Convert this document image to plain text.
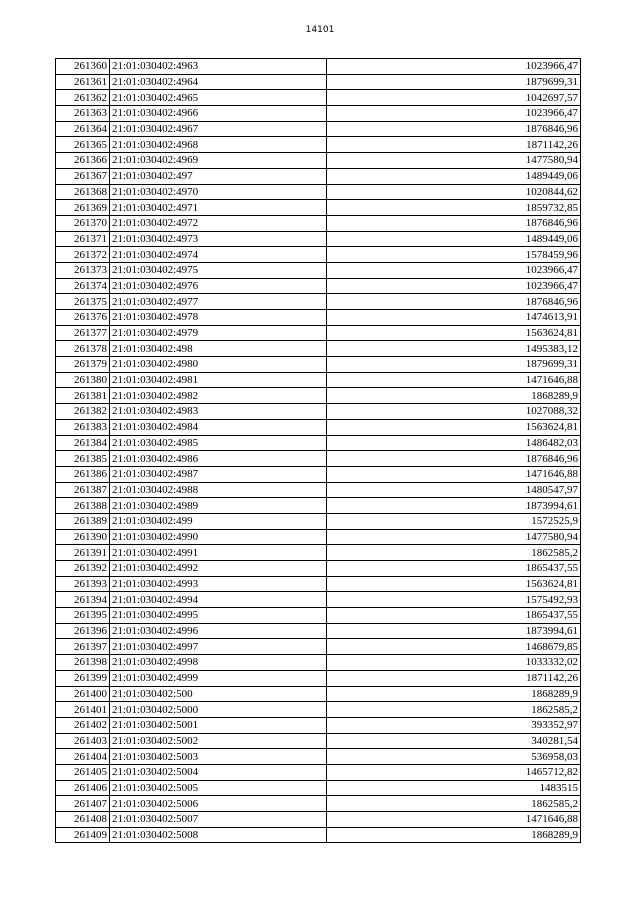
14101
261360	21:01:030402:4963	1023966,47
261361	21:01:030402:4964	1879699,31
261362	21:01:030402:4965	1042697,57
261363	21:01:030402:4966	1023966,47
261364	21:01:030402:4967	1876846,96
261365	21:01:030402:4968	1871142,26
261366	21:01:030402:4969	1477580,94
261367	21:01:030402:497	1489449,06
261368	21:01:030402:4970	1020844,62
261369	21:01:030402:4971	1859732,85
261370	21:01:030402:4972	1876846,96
261371	21:01:030402:4973	1489449,06
261372	21:01:030402:4974	1578459,96
261373	21:01:030402:4975	1023966,47
261374	21:01:030402:4976	1023966,47
261375	21:01:030402:4977	1876846,96
261376	21:01:030402:4978	1474613,91
261377	21:01:030402:4979	1563624,81
261378	21:01:030402:498	1495383,12
261379	21:01:030402:4980	1879699,31
261380	21:01:030402:4981	1471646,88
261381	21:01:030402:4982	1868289,9
261382	21:01:030402:4983	1027088,32
261383	21:01:030402:4984	1563624,81
261384	21:01:030402:4985	1486482,03
261385	21:01:030402:4986	1876846,96
261386	21:01:030402:4987	1471646,88
261387	21:01:030402:4988	1480547,97
261388	21:01:030402:4989	1873994,61
261389	21:01:030402:499	1572525,9
261390	21:01:030402:4990	1477580,94
261391	21:01:030402:4991	1862585,2
261392	21:01:030402:4992	1865437,55
261393	21:01:030402:4993	1563624,81
261394	21:01:030402:4994	1575492,93
261395	21:01:030402:4995	1865437,55
261396	21:01:030402:4996	1873994,61
261397	21:01:030402:4997	1468679,85
261398	21:01:030402:4998	1033332,02
261399	21:01:030402:4999	1871142,26
261400	21:01:030402:500	1868289,9
261401	21:01:030402:5000	1862585,2
261402	21:01:030402:5001	393352,97
261403	21:01:030402:5002	340281,54
261404	21:01:030402:5003	536958,03
261405	21:01:030402:5004	1465712,82
261406	21:01:030402:5005	1483515
261407	21:01:030402:5006	1862585,2
261408	21:01:030402:5007	1471646,88
261409	21:01:030402:5008	1868289,9
